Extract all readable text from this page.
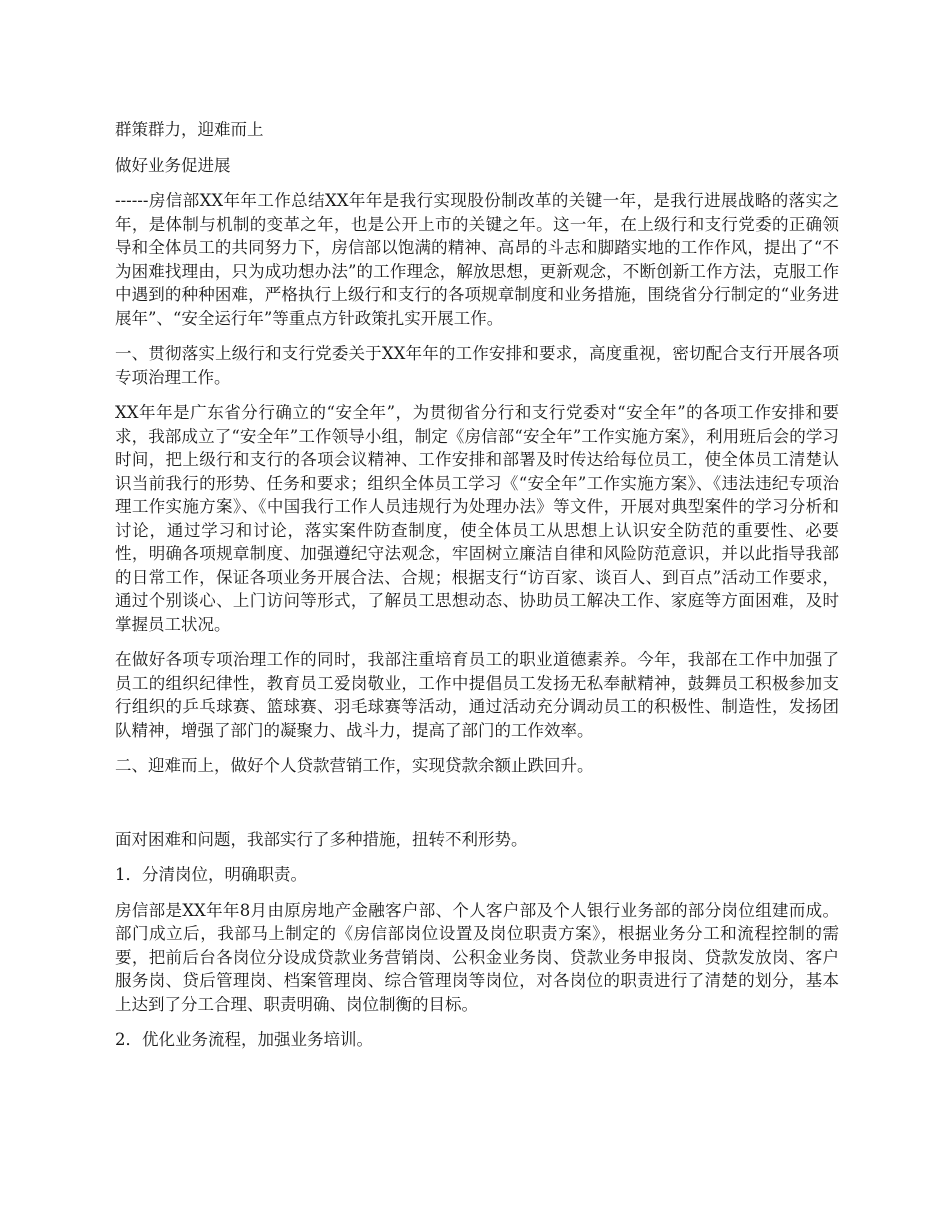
群策群力，迎难而上

做好业务促进展

------房信部XX年年工作总结XX年年是我行实现股份制改革的关键一年，是我行进展战略的落实之年，是体制与机制的变革之年，也是公开上市的关键之年。这一年，在上级行和支行党委的正确领导和全体员工的共同努力下，房信部以饱满的精神、高昂的斗志和脚踏实地的工作作风，提出了“不为困难找理由，只为成功想办法”的工作理念，解放思想，更新观念，不断创新工作方法，克服工作中遇到的种种困难，严格执行上级行和支行的各项规章制度和业务措施，围绕省分行制定的“业务进展年”、“安全运行年”等重点方针政策扎实开展工作。

一、贯彻落实上级行和支行党委关于XX年年的工作安排和要求，高度重视，密切配合支行开展各项专项治理工作。

XX年年是广东省分行确立的“安全年”，为贯彻省分行和支行党委对“安全年”的各项工作安排和要求，我部成立了“安全年”工作领导小组，制定《房信部“安全年”工作实施方案》，利用班后会的学习时间，把上级行和支行的各项会议精神、工作安排和部署及时传达给每位员工，使全体员工清楚认识当前我行的形势、任务和要求；组织全体员工学习《“安全年”工作实施方案》、《违法违纪专项治理工作实施方案》、《中国我行工作人员违规行为处理办法》等文件，开展对典型案件的学习分析和讨论，通过学习和讨论，落实案件防查制度，使全体员工从思想上认识安全防范的重要性、必要性，明确各项规章制度、加强遵纪守法观念，牢固树立廉洁自律和风险防范意识，并以此指导我部的日常工作，保证各项业务开展合法、合规；根据支行“访百家、谈百人、到百点”活动工作要求，通过个别谈心、上门访问等形式，了解员工思想动态、协助员工解决工作、家庭等方面困难，及时掌握员工状况。

在做好各项专项治理工作的同时，我部注重培育员工的职业道德素养。今年，我部在工作中加强了员工的组织纪律性，教育员工爱岗敬业，工作中提倡员工发扬无私奉献精神，鼓舞员工积极参加支行组织的乒乓球赛、篮球赛、羽毛球赛等活动，通过活动充分调动员工的积极性、制造性，发扬团队精神，增强了部门的凝聚力、战斗力，提高了部门的工作效率。

二、迎难而上，做好个人贷款营销工作，实现贷款余额止跌回升。

面对困难和问题，我部实行了多种措施，扭转不利形势。

1．分清岗位，明确职责。

房信部是XX年年8月由原房地产金融客户部、个人客户部及个人银行业务部的部分岗位组建而成。部门成立后，我部马上制定的《房信部岗位设置及岗位职责方案》，根据业务分工和流程控制的需要，把前后台各岗位分设成贷款业务营销岗、公积金业务岗、贷款业务申报岗、贷款发放岗、客户服务岗、贷后管理岗、档案管理岗、综合管理岗等岗位，对各岗位的职责进行了清楚的划分，基本上达到了分工合理、职责明确、岗位制衡的目标。

2．优化业务流程，加强业务培训。
